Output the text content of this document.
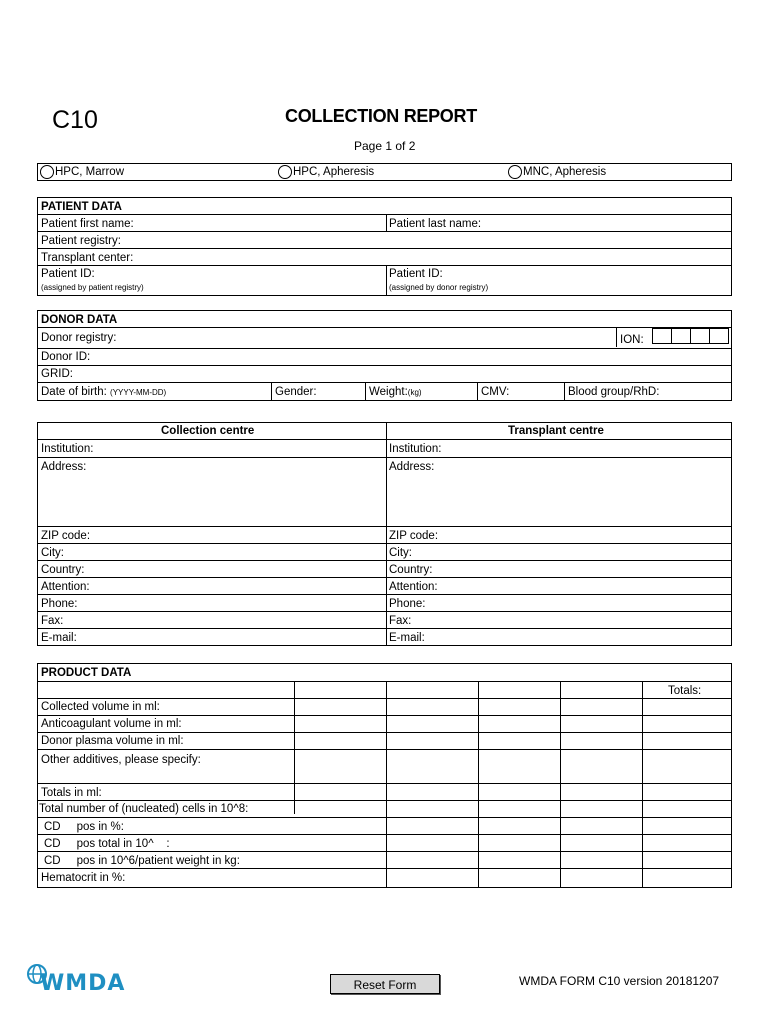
C10	COLLECTION REPORT
Page 1 of 2
HPC, Marrow	HPC, Apheresis	MNC, Apheresis
PATIENT DATA
Patient first name:	Patient last name:
Patient registry:
Transplant center:
Patient ID:
(assigned by patient registry)
Patient ID:
(assigned by donor registry)
DONOR DATA
Donor registry:	ION:
Donor ID:
GRID:
Date of birth: (YYYY-MM-DD)	Gender:	Weight:(kg)	CMV:	Blood group/RhD:
Collection centre	Transplant centre
Institution:	Institution:
Address:	Address:
ZIP code:	ZIP code:
City:	City:
Country:	Country:
Attention:	Attention:
Phone:	Phone:
Fax:	Fax:
E-mail:	E-mail:
PRODUCT DATA
Totals:
Collected volume in ml:
Anticoagulant volume in ml:
Donor plasma volume in ml:
Other additives, please specify:
Totals in ml:
Total number of (nucleated) cells in 10^8:
CD     pos in %:
CD     pos total in 10^    :
CD     pos in 10^6/patient weight in kg:
Hematocrit in %:
WMDA	Reset Form	WMDA FORM C10 version 20181207
